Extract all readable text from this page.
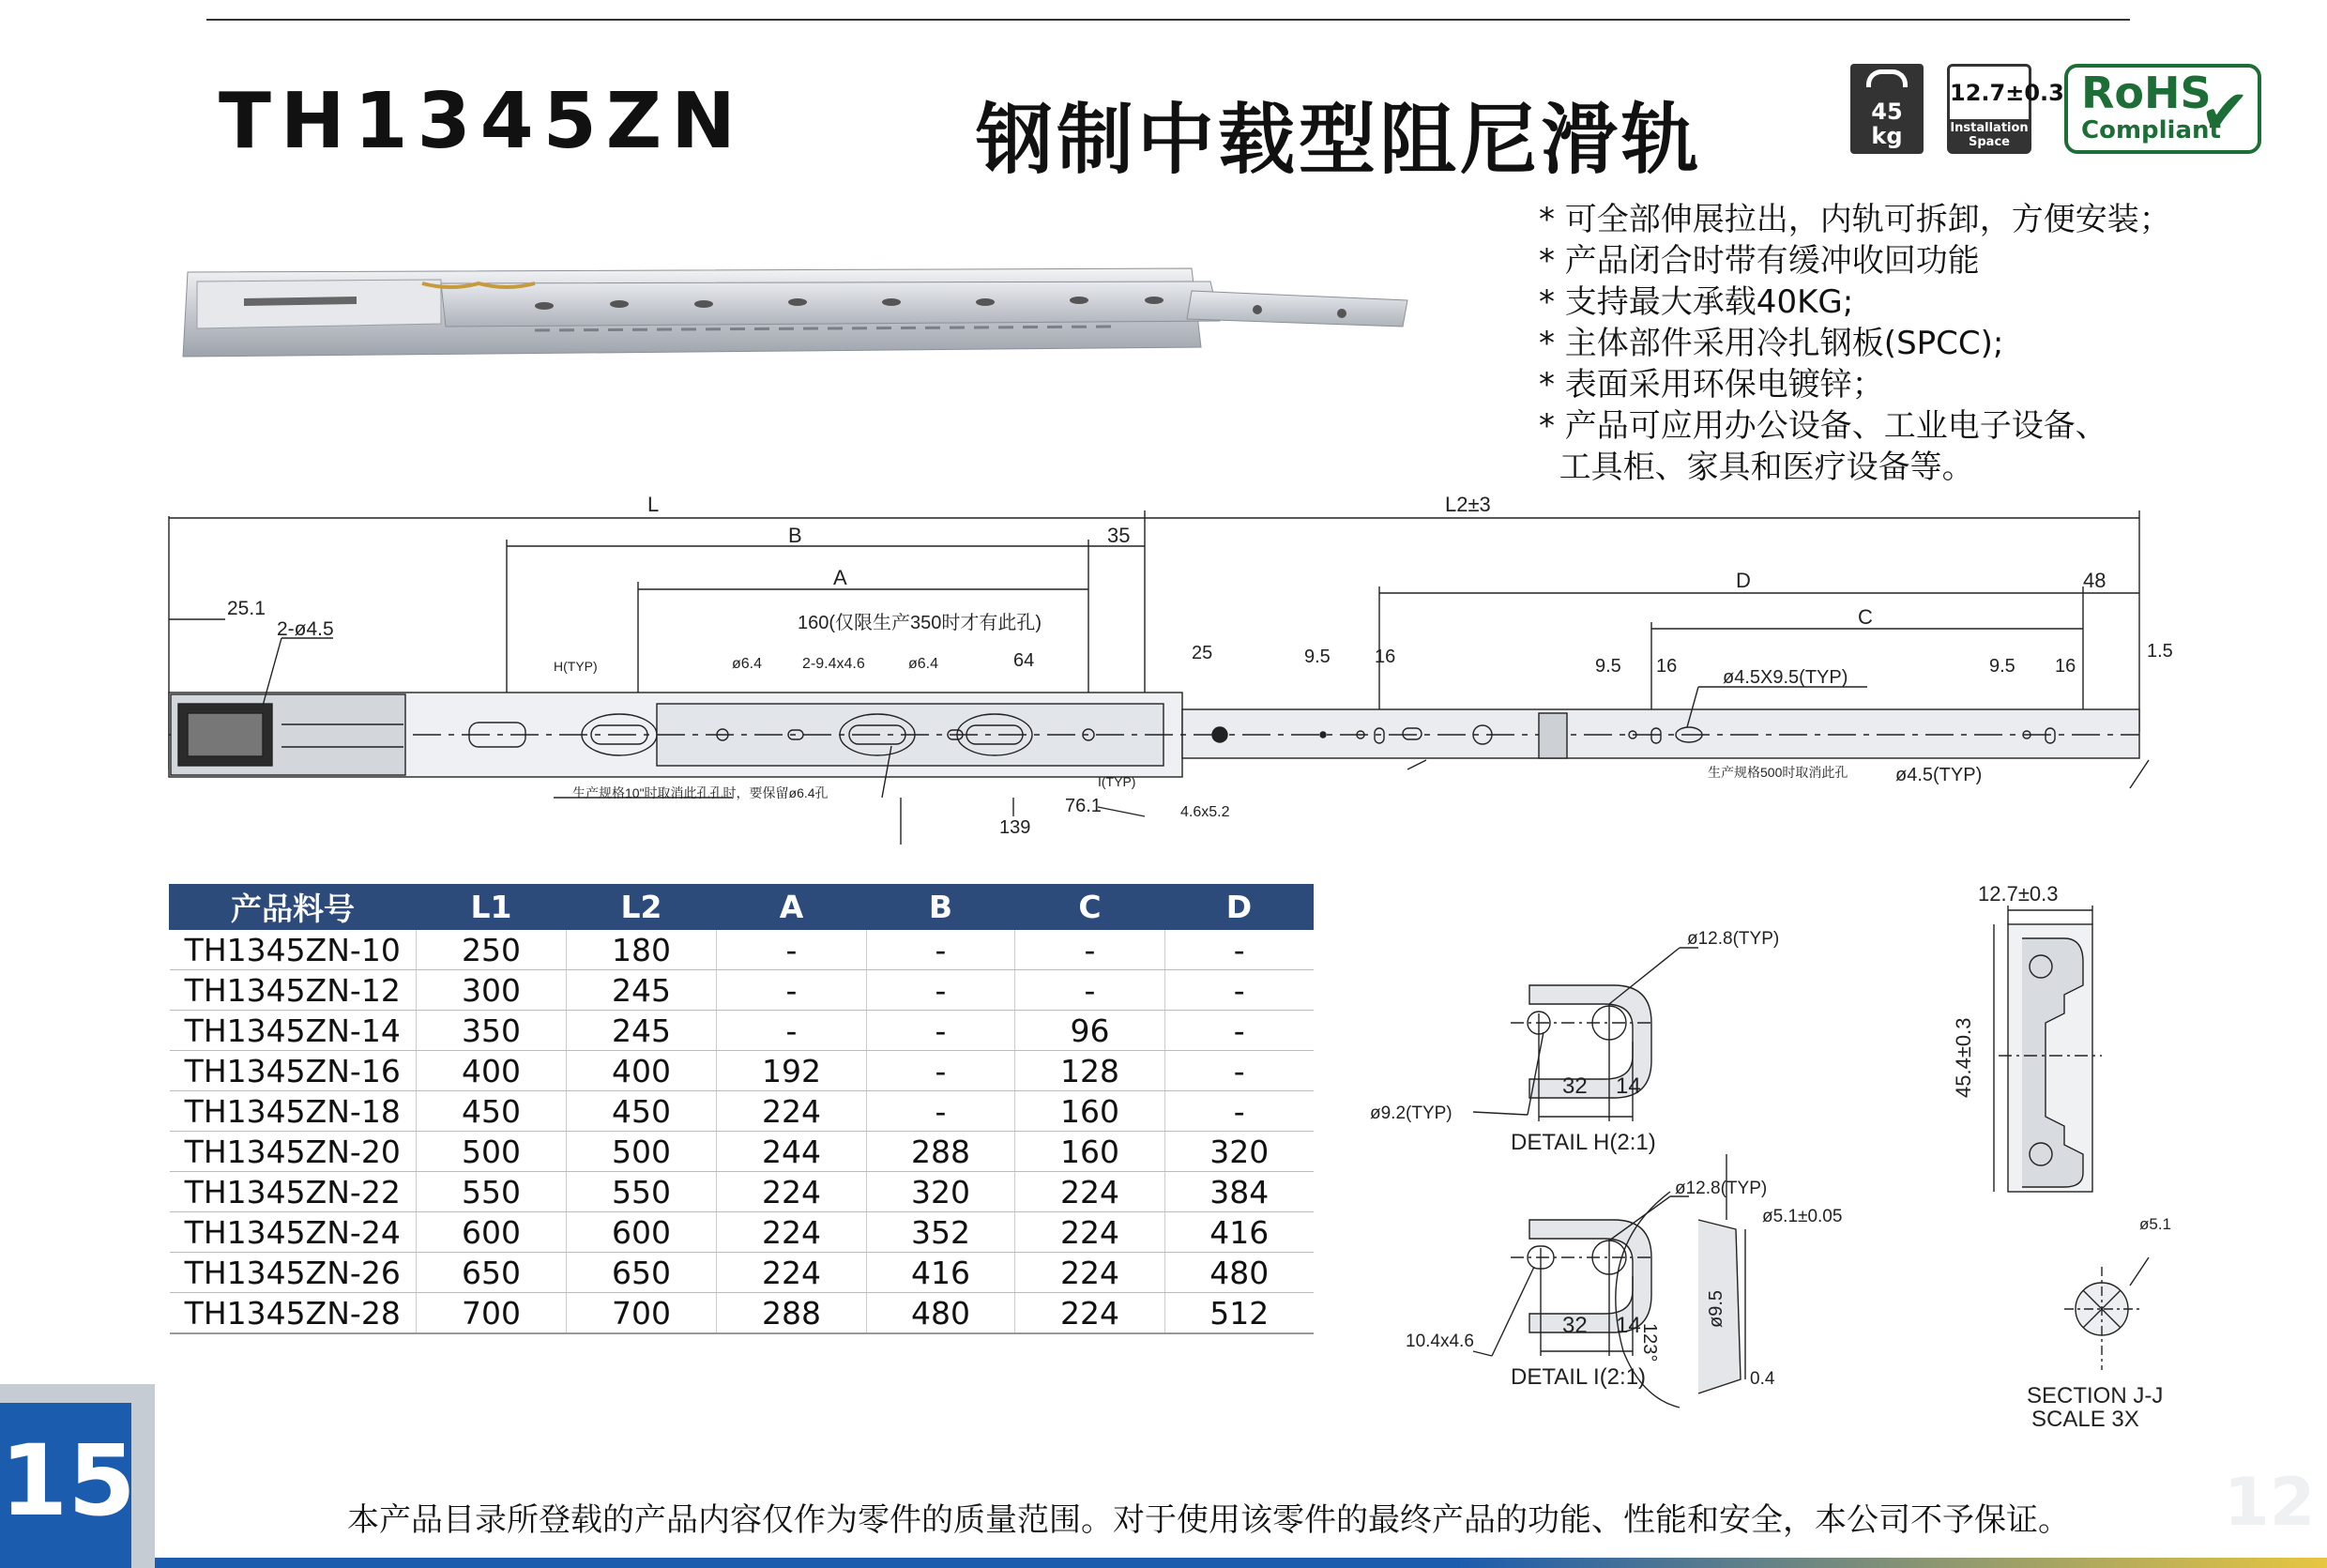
TH1345ZN	钢制中载型阻尼滑轨	45
kg
12.7±0.3
Installation
Space
RoHS
Compliant
✔
* 可全部伸展拉出，内轨可拆卸，方便安装；
* 产品闭合时带有缓冲收回功能
* 支持最大承载40KG;
* 主体部件采用冷扎钢板(SPCC);
* 表面采用环保电镀锌；
* 产品可应用办公设备、工业电子设备、
工具柜、家具和医疗设备等。
L	L2±3
B	35
A	D	48
C
25.1
2-ø4.5	160(仅限生产350时才有此孔)
H(TYP)	ø6.4	2-9.4x4.6	ø6.4	64	25	9.5 16	9.5 16
ø4.5X9.5(TYP)
9.5 16
1.5
生产规格10"时取消此孔孔时，要保留ø6.4孔
I(TYP)
76.1
139
4.6x5.2
生产规格500时取消此孔	ø4.5(TYP)
产品料号	L1	L2	A	B	C	D
TH1345ZN-10	250	180	-	-	-	-
TH1345ZN-12	300	245	-	-	-	-
TH1345ZN-14	350	245	-	-	96	-
TH1345ZN-16	400	400	192	-	128	-
TH1345ZN-18	450	450	224	-	160	-
TH1345ZN-20	500	500	244	288	160	320
TH1345ZN-22	550	550	224	320	224	384
TH1345ZN-24	600	600	224	352	224	416
TH1345ZN-26	650	650	224	416	224	480
TH1345ZN-28	700	700	288	480	224	512
ø12.8(TYP)
ø9.2(TYP)
32 14
DETAIL H(2:1)
ø12.8(TYP)
10.4x4.6
32 14
DETAIL I(2:1)
12.7±0.3
45.4±0.3
ø5.1±0.05	ø5.1
ø9.5
123°
0.4
SECTION J-J
SCALE 3X
15	本产品目录所登载的产品内容仅作为零件的质量范围。对于使用该零件的最终产品的功能、性能和安全，本公司不予保证。 12
